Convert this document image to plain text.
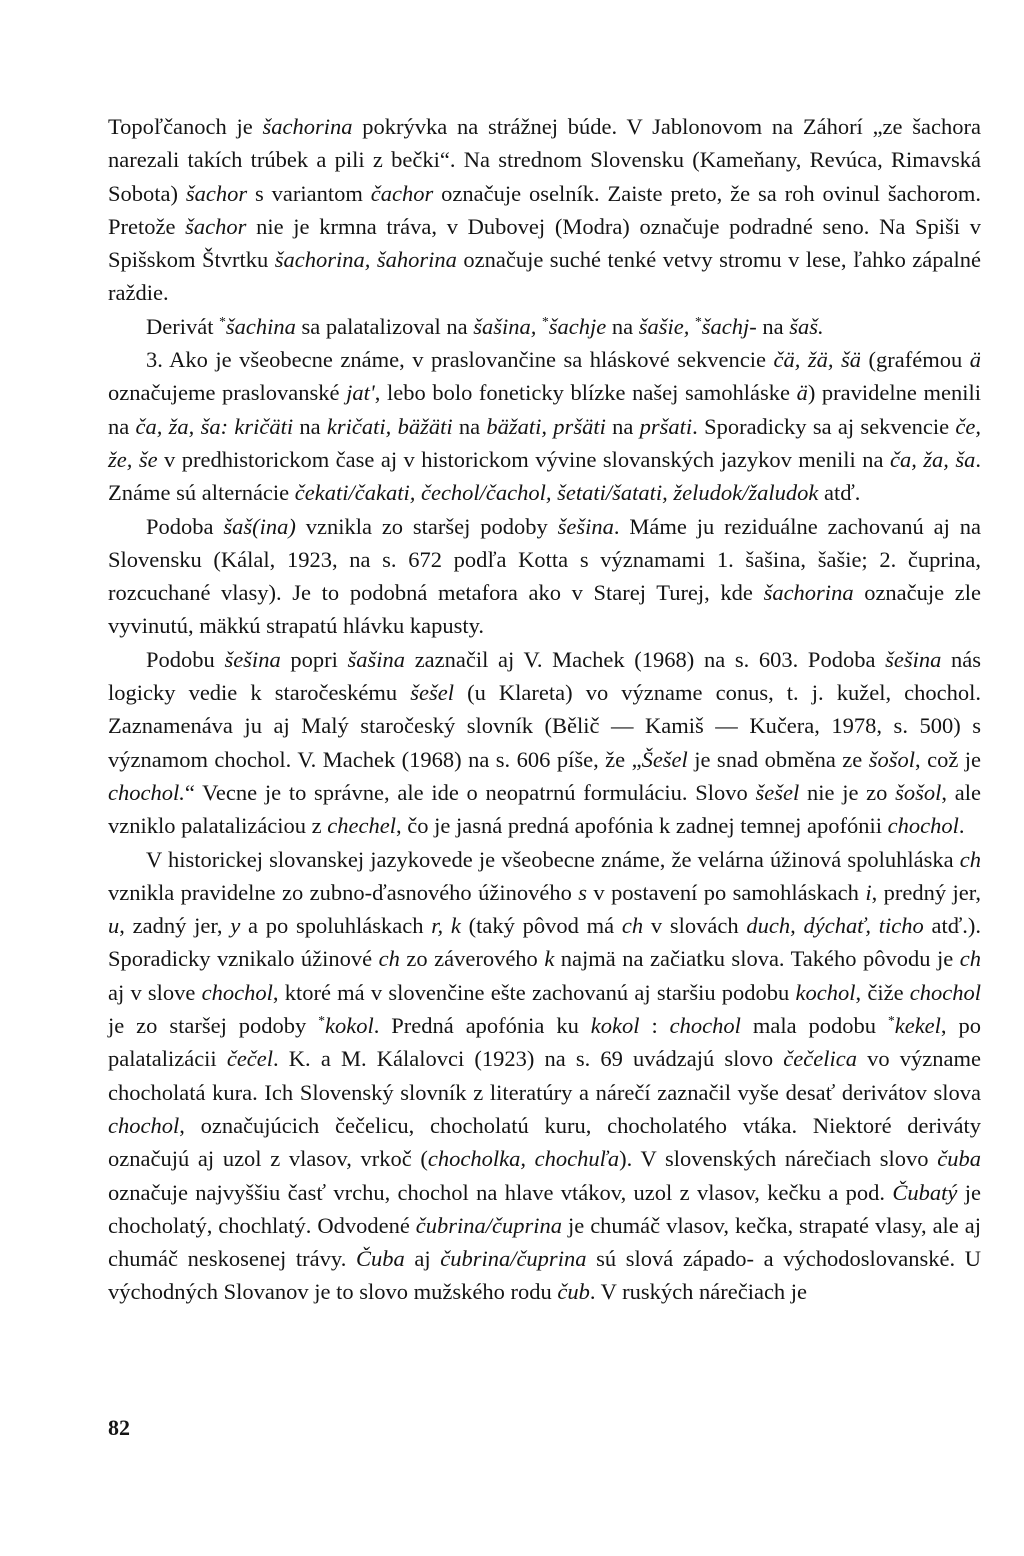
Topoľčanoch je šachorina pokrývka na strážnej búde. V Jablonovom na Záhorí „ze šachora narezali takích trúbek a pili z bečki“. Na strednom Slovensku (Kameňany, Revúca, Rimavská Sobota) šachor s variantom čachor označuje oselník. Zaiste preto, že sa roh ovinul šachorom. Pretože šachor nie je krmna tráva, v Dubovej (Modra) označuje podradné seno. Na Spiši v Spišskom Štvrtku šachorina, šahorina označuje suché tenké vetvy stromu v lese, ľahko zápalné raždie.

Derivát *šachina sa palatalizoval na šašina, *šachje na šašie, *šachj- na šaš.

3. Ako je všeobecne známe, v praslovančine sa hláskové sekvencie čä, žä, šä (grafémou ä označujeme praslovanské jat', lebo bolo foneticky blízke našej samohláske ä) pravidelne menili na ča, ža, ša: kričäti na kričati, bäžäti na bäžati, pršäti na pršati. Sporadicky sa aj sekvencie če, že, še v predhistorickom čase aj v historickom vývine slovanských jazykov menili na ča, ža, ša. Známe sú alternácie čekati/čakati, čechol/čachol, šetati/šatati, želudok/žaludok atď.

Podoba šaš(ina) vznikla zo staršej podoby šešina. Máme ju reziduálne zachovanú aj na Slovensku (Kálal, 1923, na s. 672 podľa Kotta s významami 1. šašina, šašie; 2. čuprina, rozcuchané vlasy). Je to podobná metafora ako v Starej Turej, kde šachorina označuje zle vyvinutú, mäkkú strapatú hlávku kapusty.

Podobu šešina popri šašina zaznačil aj V. Machek (1968) na s. 603. Podoba šešina nás logicky vedie k staročeskému šešel (u Klareta) vo význame conus, t. j. kužel, chochol. Zaznamenáva ju aj Malý staročeský slovník (Bělič — Kamiš — Kučera, 1978, s. 500) s významom chochol. V. Machek (1968) na s. 606 píše, že „Šešel je snad obměna ze šošol, což je chochol.“ Vecne je to správne, ale ide o neopatrnú formuláciu. Slovo šešel nie je zo šošol, ale vzniklo palatalizáciou z chechel, čo je jasná predná apofónia k zadnej temnej apofónii chochol.

V historickej slovanskej jazykovede je všeobecne známe, že velárna úžinová spoluhláska ch vznikla pravidelne zo zubno-ďasnového úžinového s v postavení po samohláskach i, predný jer, u, zadný jer, y a po spoluhláskach r, k (taký pôvod má ch v slovách duch, dýchať, ticho atď.). Sporadicky vznikalo úžinové ch zo záverového k najmä na začiatku slova. Takého pôvodu je ch aj v slove chochol, ktoré má v slovenčine ešte zachovanú aj staršiu podobu kochol, čiže chochol je zo staršej podoby *kokol. Predná apofónia ku kokol : chochol mala podobu *kekel, po palatalizácii čečel. K. a M. Kálalovci (1923) na s. 69 uvádzajú slovo čečelica vo význame chocholatá kura. Ich Slovenský slovník z literatúry a nárečí zaznačil vyše desať derivátov slova chochol, označujúcich čečelicu, chocholatú kuru, chocholatého vtáka. Niektoré deriváty označujú aj uzol z vlasov, vrkoč (chocholka, chochuľa). V slovenských nárečiach slovo čuba označuje najvyššiu časť vrchu, chochol na hlave vtákov, uzol z vlasov, kečku a pod. Čubatý je chocholatý, chochlatý. Odvodené čubrina/čuprina je chumáč vlasov, kečka, strapaté vlasy, ale aj chumáč neskosenej trávy. Čuba aj čubrina/čuprina sú slová západo- a východoslovanské. U východných Slovanov je to slovo mužského rodu čub. V ruských nárečiach je

82
